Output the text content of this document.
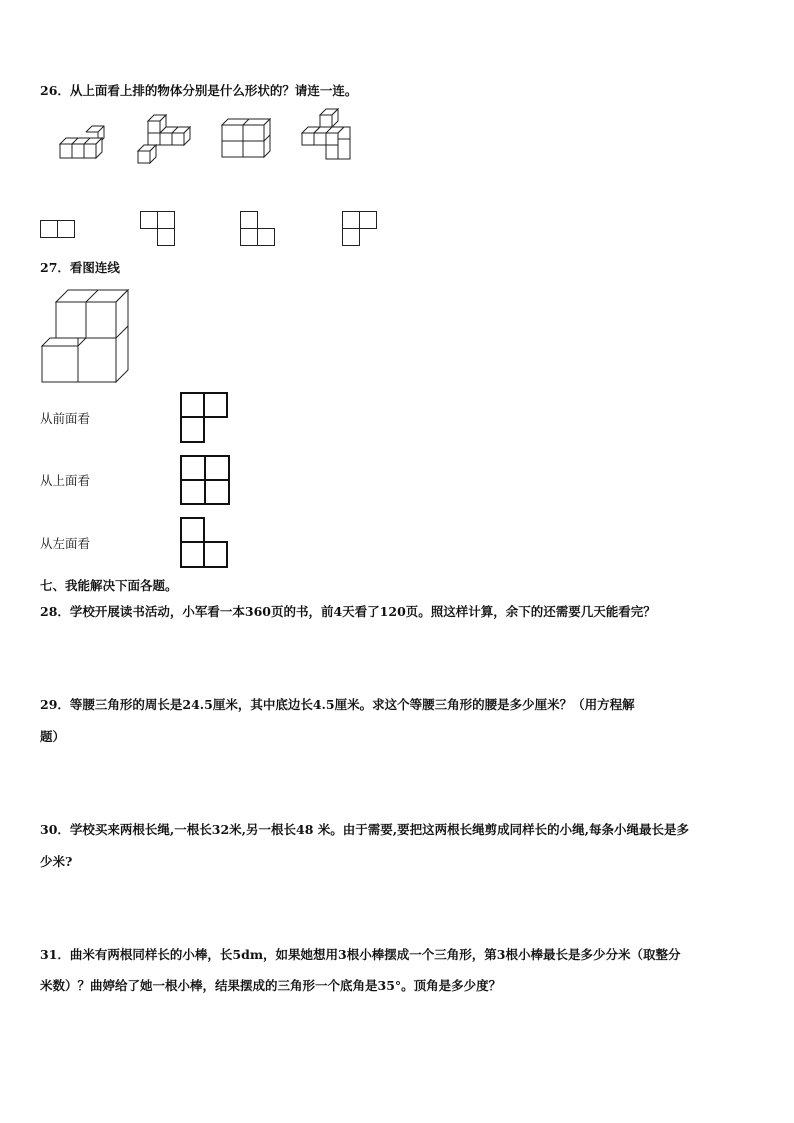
26．从上面看上排的物体分别是什么形状的？请连一连。
27．看图连线
从前面看
从上面看
从左面看
七、我能解决下面各题。
28．学校开展读书活动，小军看一本360页的书，前4天看了120页。照这样计算，余下的还需要几天能看完？
29．等腰三角形的周长是24.5厘米，其中底边长4.5厘米。求这个等腰三角形的腰是多少厘米？（用方程解
题）
30．学校买来两根长绳,一根长32米,另一根长48 米。由于需要,要把这两根长绳剪成同样长的小绳,每条小绳最长是多
少米?
31．曲米有两根同样长的小棒，长5dm，如果她想用3根小棒摆成一个三角形，第3根小棒最长是多少分米（取整分
米数）？曲婷给了她一根小棒，结果摆成的三角形一个底角是35°。顶角是多少度？
